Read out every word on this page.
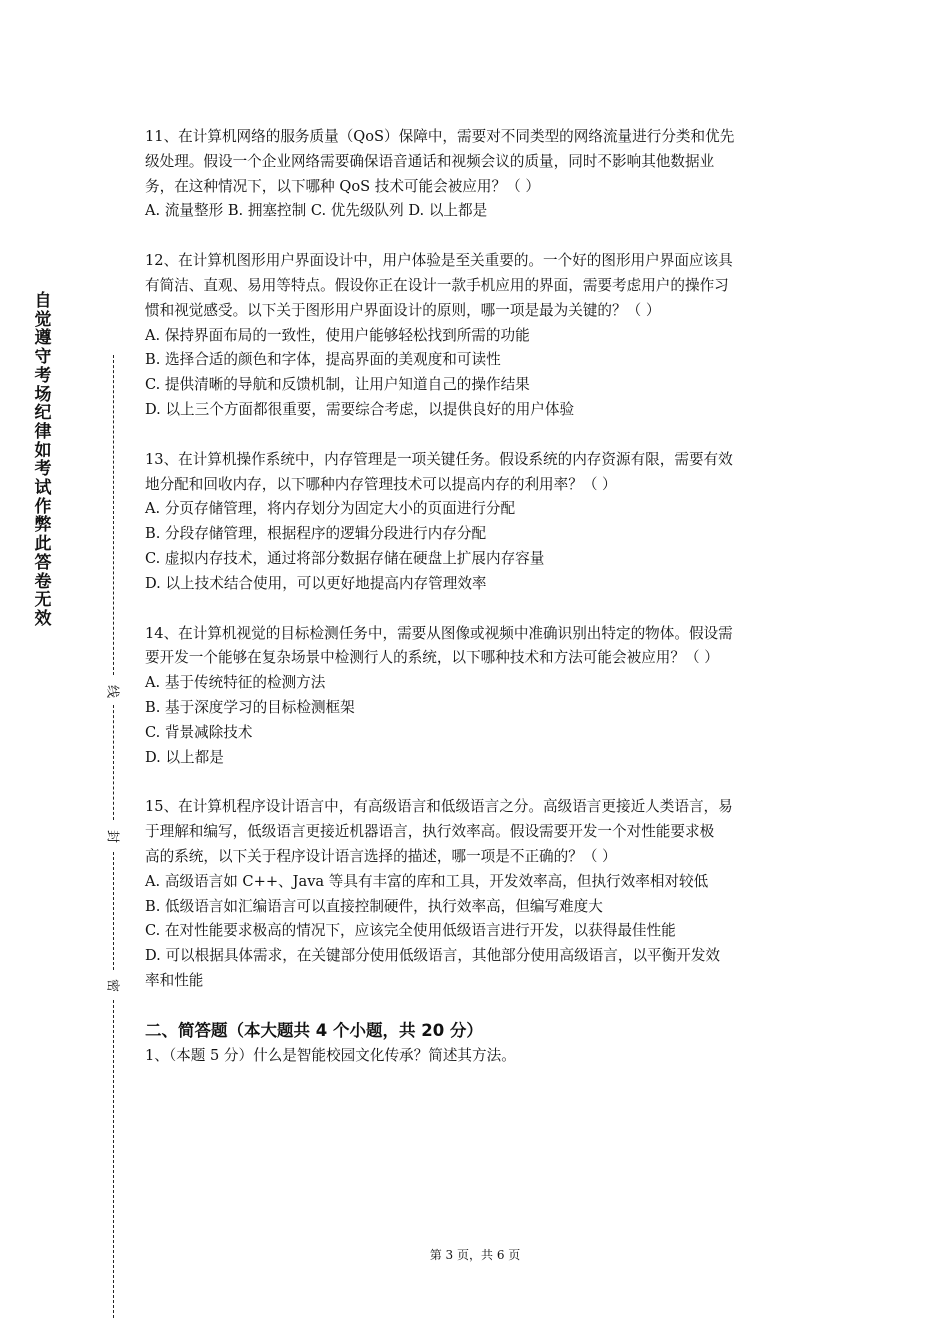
自觉遵守考场纪律如考试作弊此答卷无效
线
封
密
11、在计算机网络的服务质量（QoS）保障中，需要对不同类型的网络流量进行分类和优先
级处理。假设一个企业网络需要确保语音通话和视频会议的质量，同时不影响其他数据业
务，在这种情况下，以下哪种 QoS 技术可能会被应用？（ ）
A. 流量整形 B. 拥塞控制 C. 优先级队列 D. 以上都是
12、在计算机图形用户界面设计中，用户体验是至关重要的。一个好的图形用户界面应该具
有简洁、直观、易用等特点。假设你正在设计一款手机应用的界面，需要考虑用户的操作习
惯和视觉感受。以下关于图形用户界面设计的原则，哪一项是最为关键的？（ ）
A. 保持界面布局的一致性，使用户能够轻松找到所需的功能
B. 选择合适的颜色和字体，提高界面的美观度和可读性
C. 提供清晰的导航和反馈机制，让用户知道自己的操作结果
D. 以上三个方面都很重要，需要综合考虑，以提供良好的用户体验
13、在计算机操作系统中，内存管理是一项关键任务。假设系统的内存资源有限，需要有效
地分配和回收内存，以下哪种内存管理技术可以提高内存的利用率？（ ）
A. 分页存储管理，将内存划分为固定大小的页面进行分配
B. 分段存储管理，根据程序的逻辑分段进行内存分配
C. 虚拟内存技术，通过将部分数据存储在硬盘上扩展内存容量
D. 以上技术结合使用，可以更好地提高内存管理效率
14、在计算机视觉的目标检测任务中，需要从图像或视频中准确识别出特定的物体。假设需
要开发一个能够在复杂场景中检测行人的系统，以下哪种技术和方法可能会被应用？（ ）
A. 基于传统特征的检测方法
B. 基于深度学习的目标检测框架
C. 背景减除技术
D. 以上都是
15、在计算机程序设计语言中，有高级语言和低级语言之分。高级语言更接近人类语言，易
于理解和编写，低级语言更接近机器语言，执行效率高。假设需要开发一个对性能要求极
高的系统，以下关于程序设计语言选择的描述，哪一项是不正确的？（ ）
A. 高级语言如 C++、Java 等具有丰富的库和工具，开发效率高，但执行效率相对较低
B. 低级语言如汇编语言可以直接控制硬件，执行效率高，但编写难度大
C. 在对性能要求极高的情况下，应该完全使用低级语言进行开发，以获得最佳性能
D. 可以根据具体需求，在关键部分使用低级语言，其他部分使用高级语言，以平衡开发效
率和性能
二、简答题（本大题共 4 个小题，共 20 分）
1、（本题 5 分）什么是智能校园文化传承？简述其方法。
第 3 页，共 6 页
